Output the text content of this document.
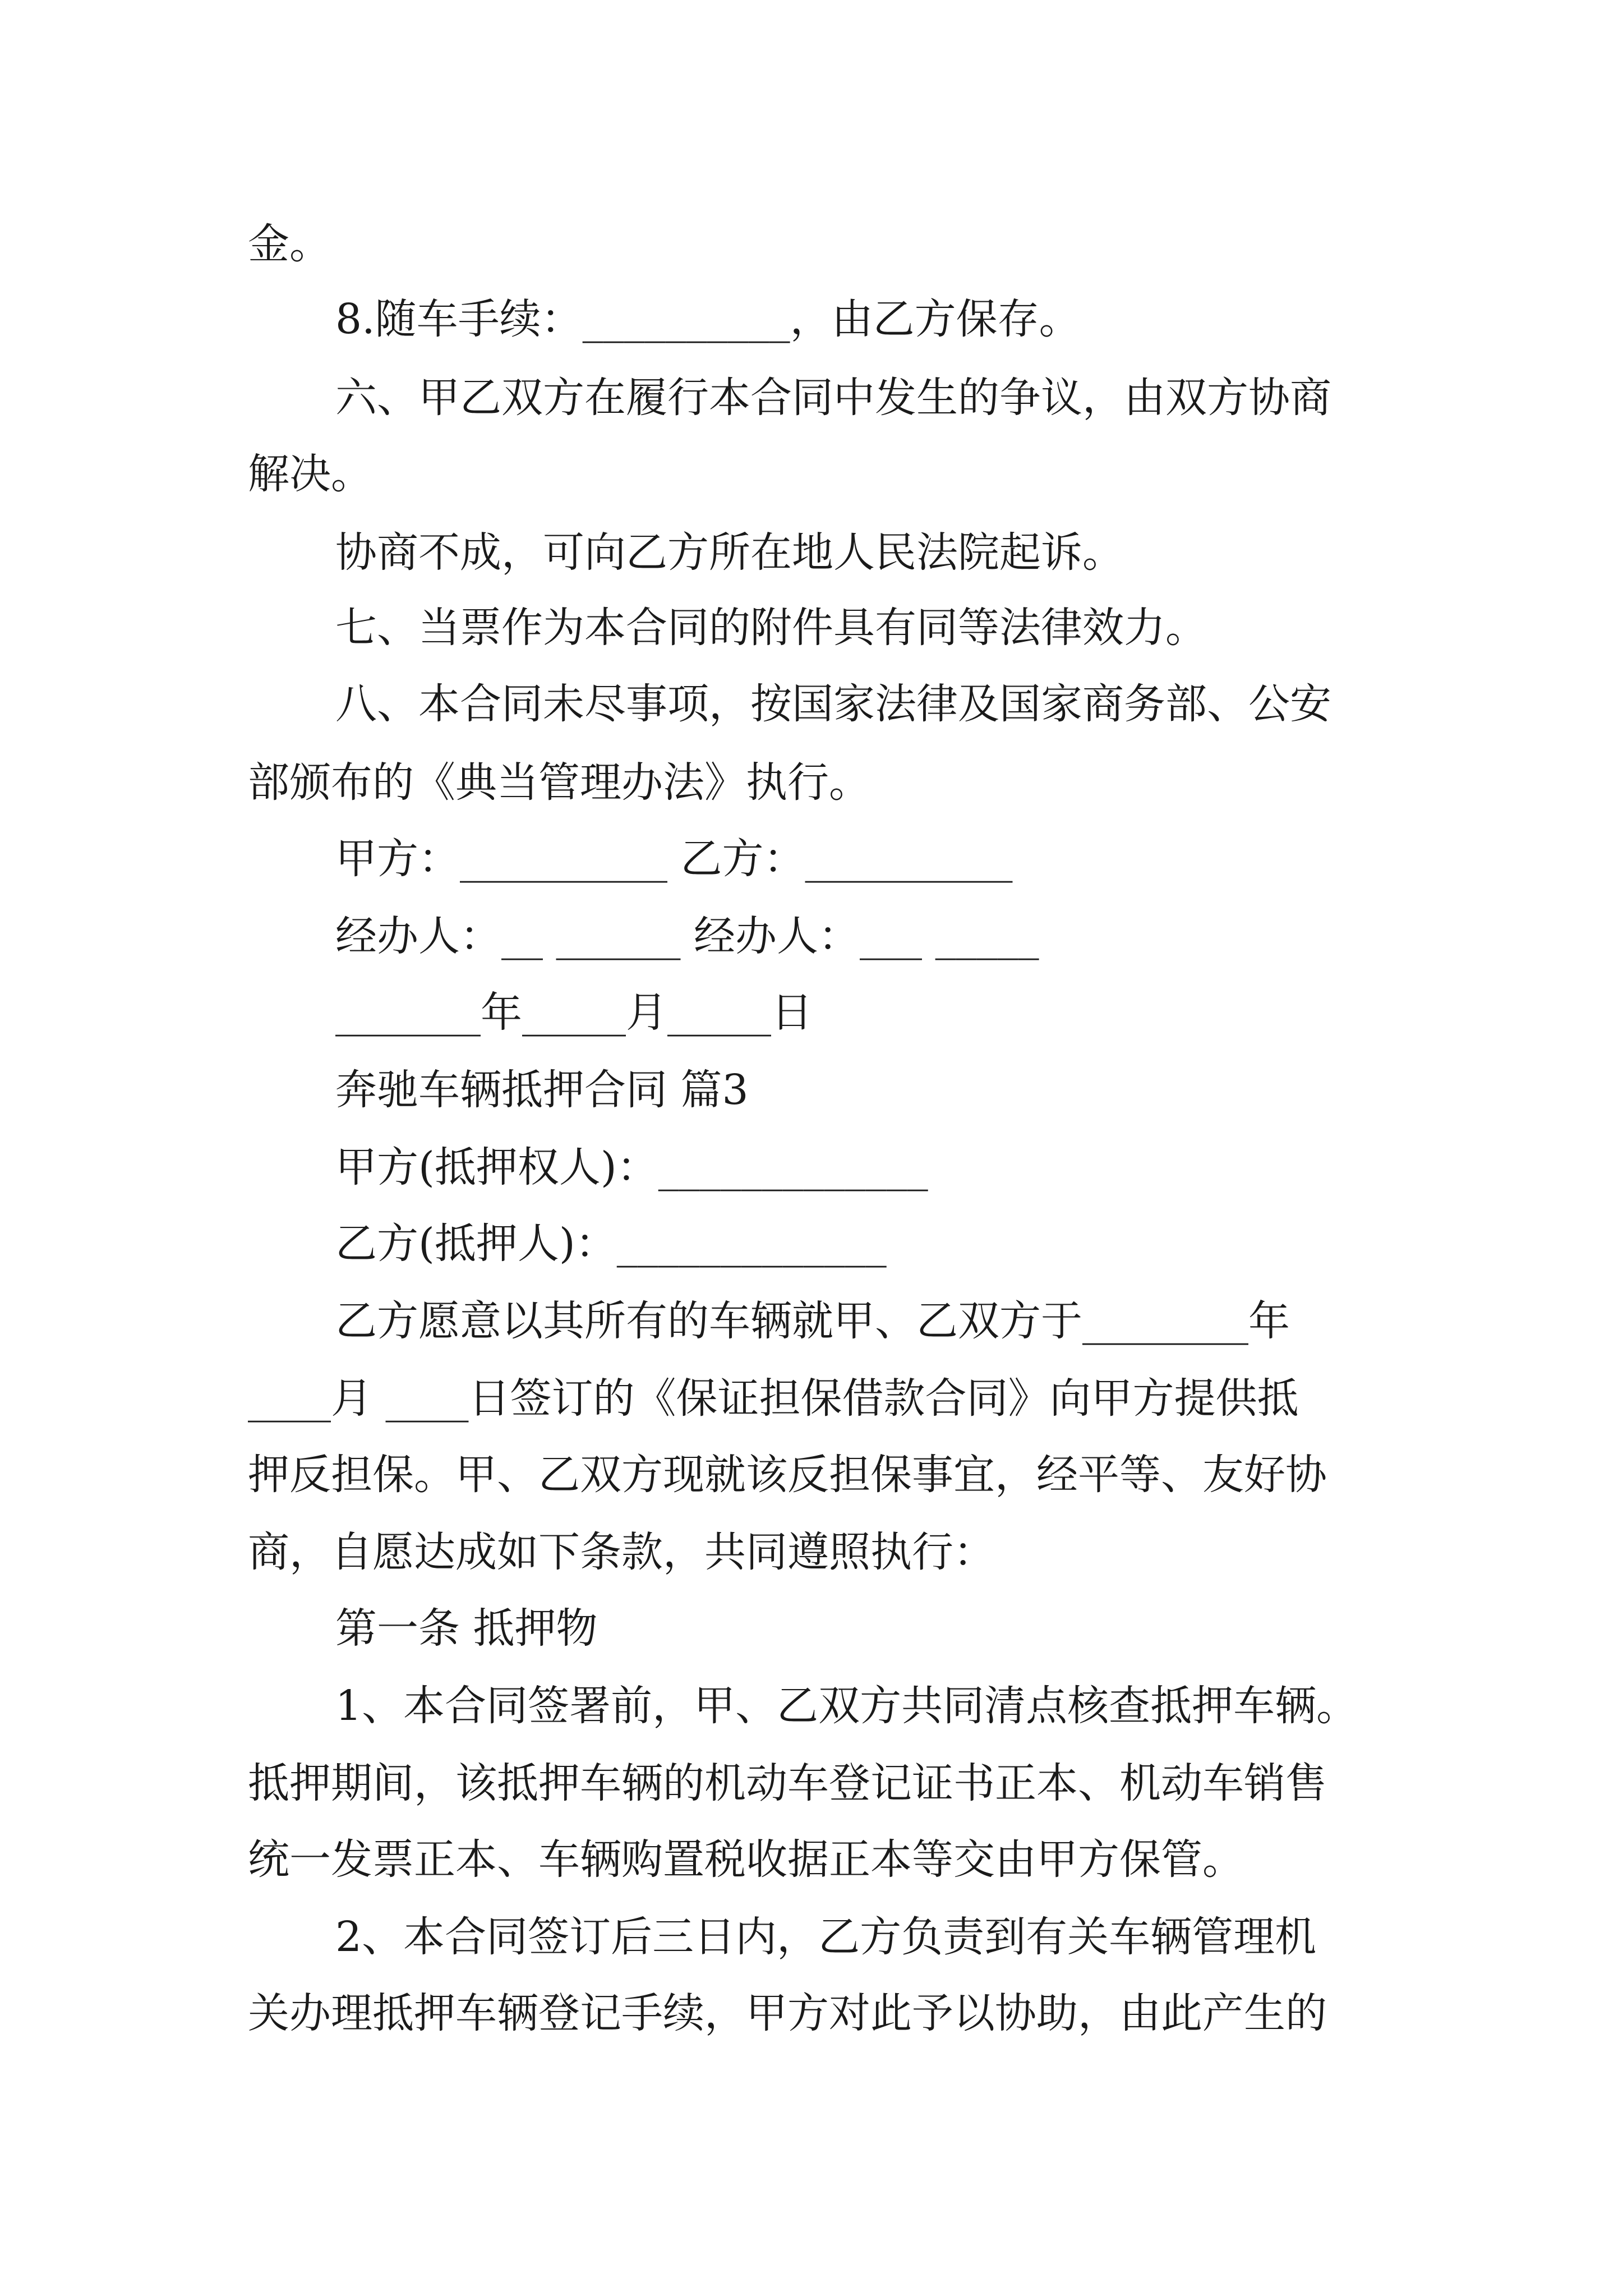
金。
8.随车手续：__________，由乙方保存。
六、甲乙双方在履行本合同中发生的争议，由双方协商
解决。
协商不成，可向乙方所在地人民法院起诉。
七、当票作为本合同的附件具有同等法律效力。
八、本合同未尽事项，按国家法律及国家商务部、公安
部颁布的《典当管理办法》执行。
甲方：__________ 乙方：__________
经办人：__ ______ 经办人：___ _____
_______年_____月_____日
奔驰车辆抵押合同 篇3
甲方(抵押权人)：_____________
乙方(抵押人)：_____________
乙方愿意以其所有的车辆就甲、乙双方于________年
____月 ____日签订的《保证担保借款合同》向甲方提供抵
押反担保。甲、乙双方现就该反担保事宜，经平等、友好协
商，自愿达成如下条款，共同遵照执行：
第一条 抵押物
1、本合同签署前，甲、乙双方共同清点核查抵押车辆。
抵押期间，该抵押车辆的机动车登记证书正本、机动车销售
统一发票正本、车辆购置税收据正本等交由甲方保管。
2、本合同签订后三日内，乙方负责到有关车辆管理机
关办理抵押车辆登记手续，甲方对此予以协助，由此产生的
